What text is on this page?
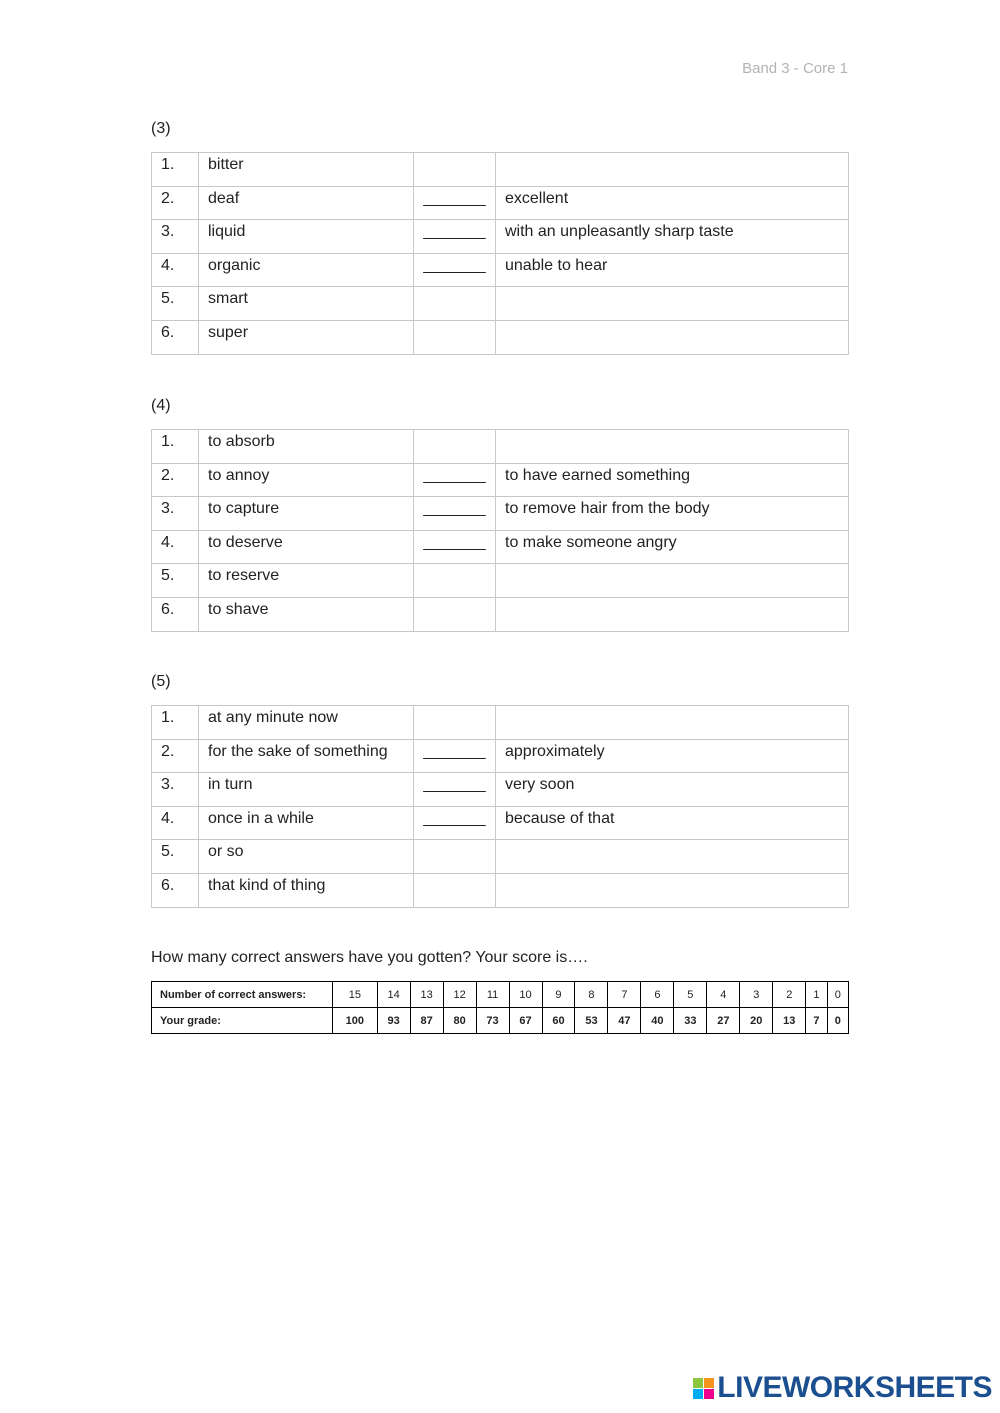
Band 3 - Core 1
(3)
1.	bitter		
2.	deaf	_______	excellent
3.	liquid	_______	with an unpleasantly sharp taste
4.	organic	_______	unable to hear
5.	smart		
6.	super		
(4)
1.	to absorb		
2.	to annoy	_______	to have earned something
3.	to capture	_______	to remove hair from the body
4.	to deserve	_______	to make someone angry
5.	to reserve		
6.	to shave		
(5)
1.	at any minute now		
2.	for the sake of something	_______	approximately
3.	in turn	_______	very soon
4.	once in a while	_______	because of that
5.	or so		
6.	that kind of thing		
How many correct answers have you gotten? Your score is….
Number of correct answers:	15	14	13	12	11	10	9	8	7	6	5	4	3	2	1	0
Your grade:	100	93	87	80	73	67	60	53	47	40	33	27	20	13	7	0
LIVEWORKSHEETS
